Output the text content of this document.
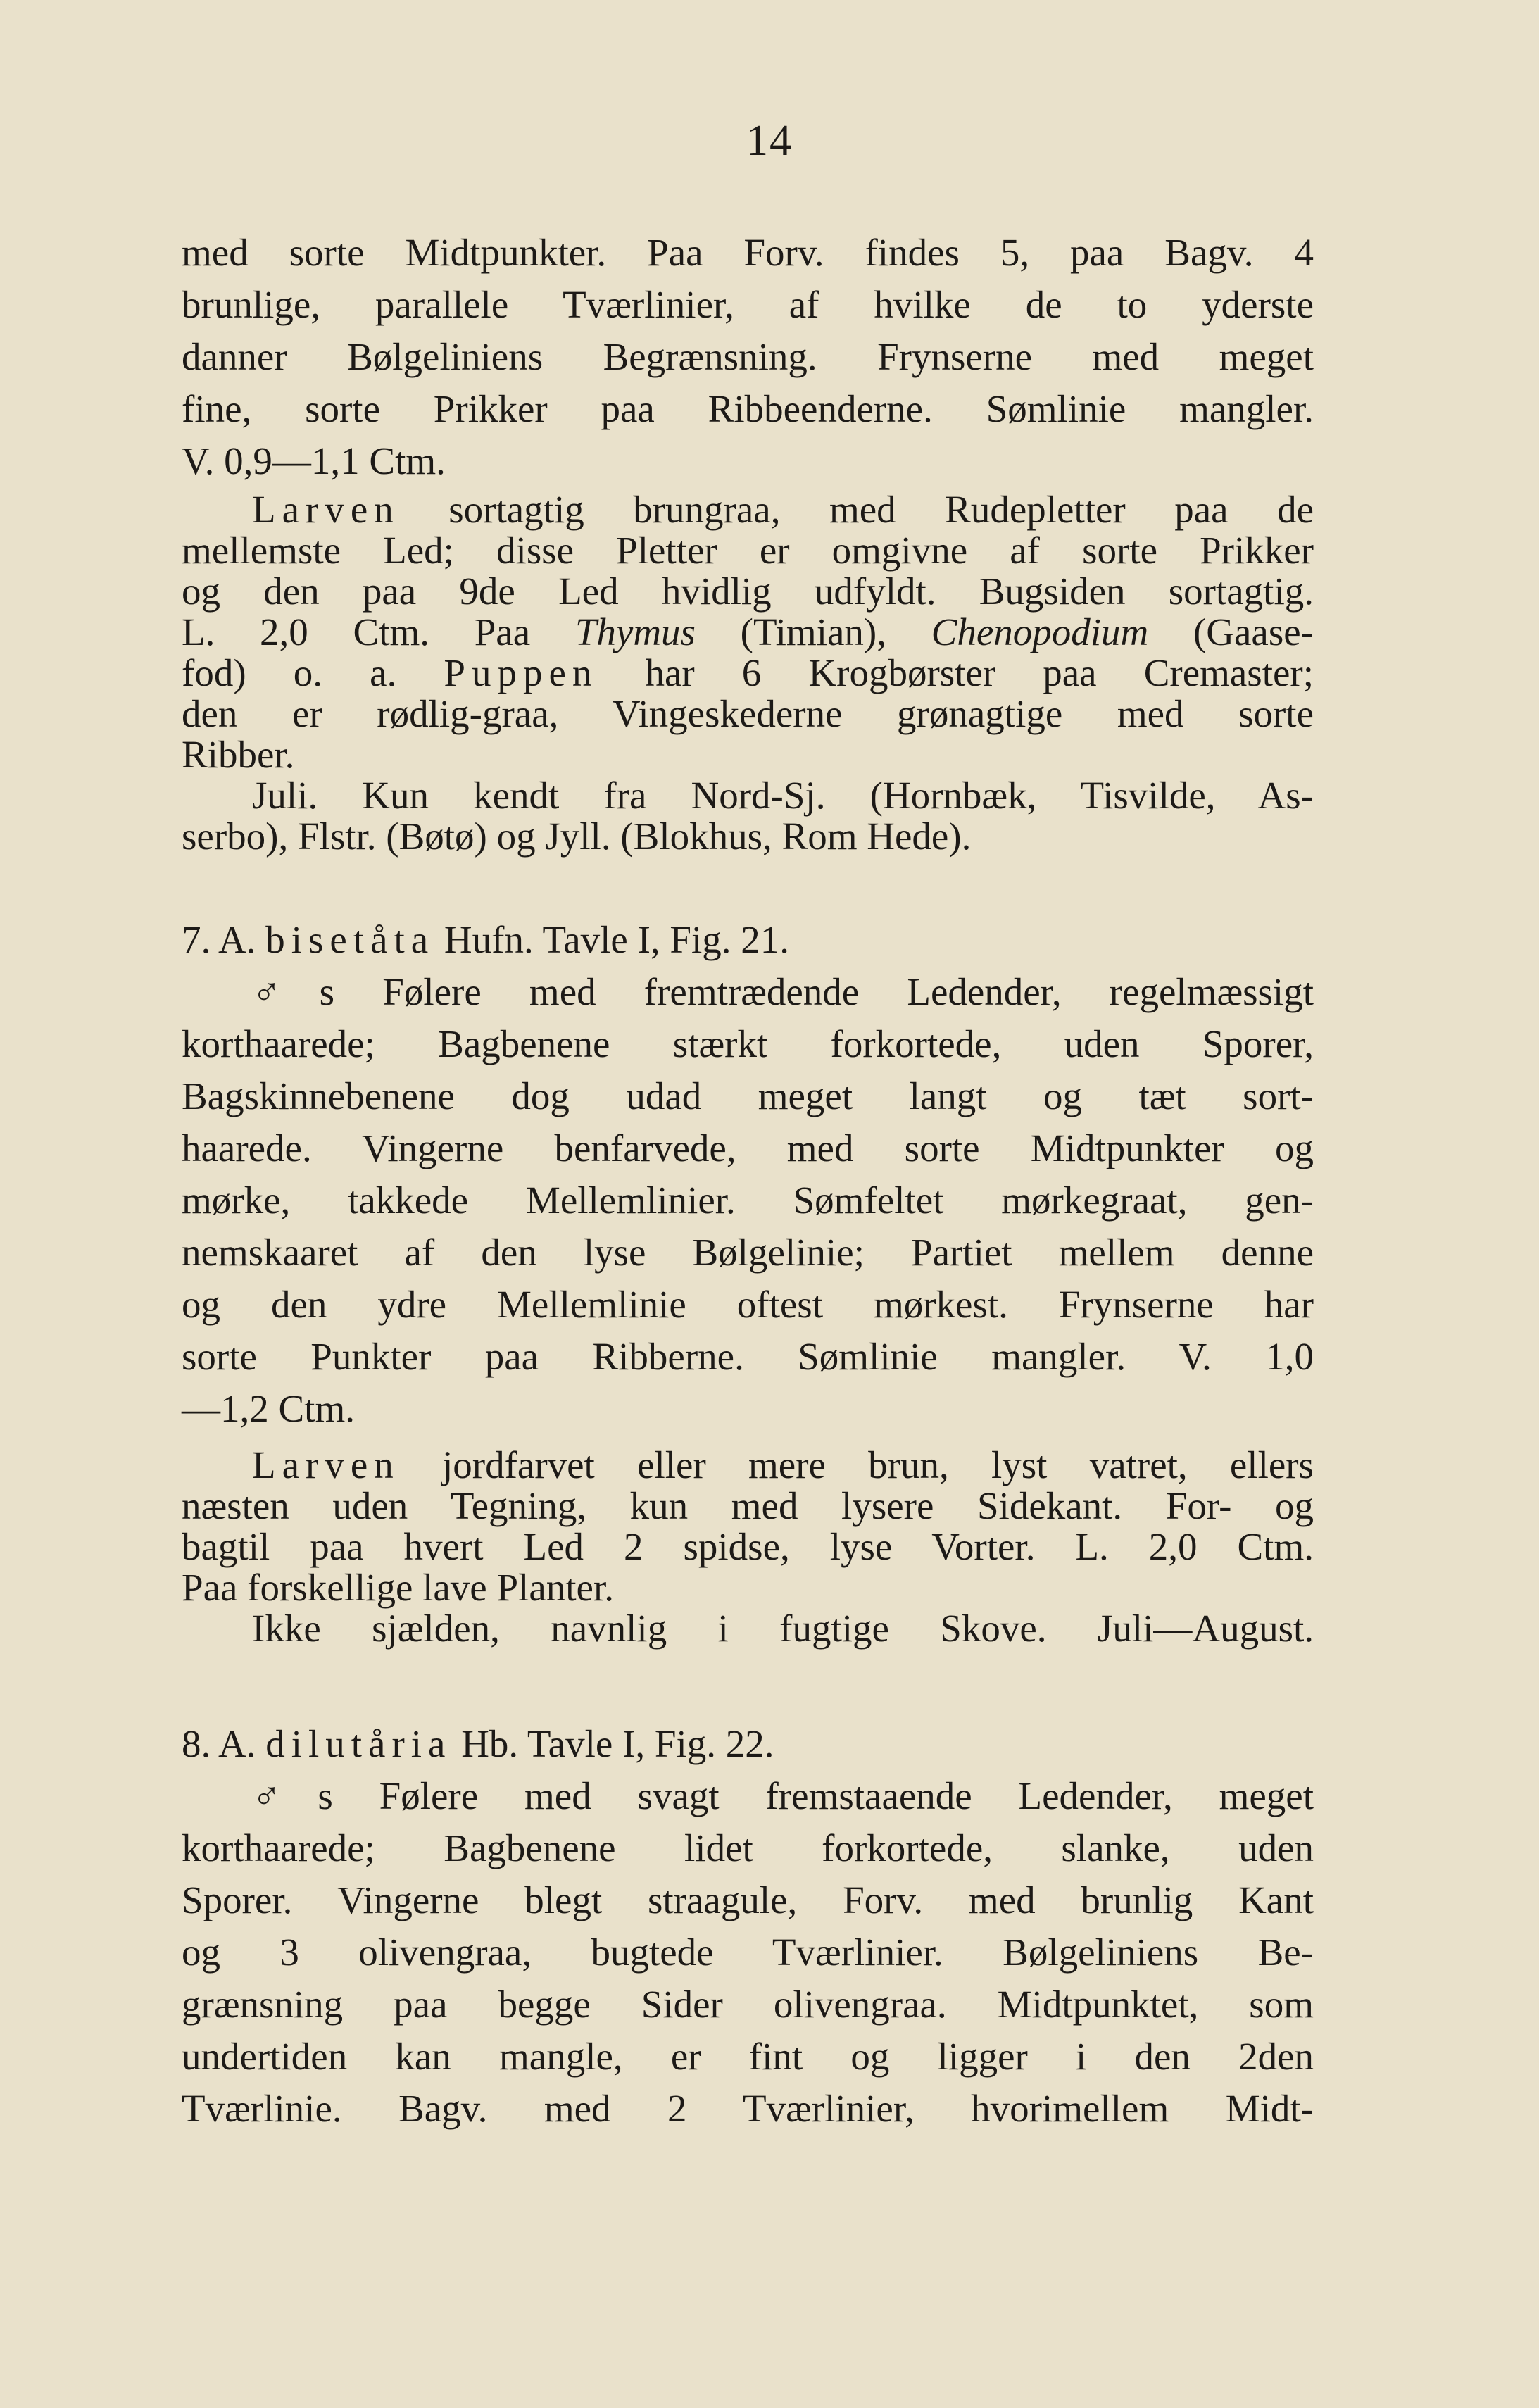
14
med sorte Midtpunkter. Paa Forv. findes 5, paa Bagv. 4
brunlige, parallele Tværlinier, af hvilke de to yderste
danner Bølgeliniens Begrænsning. Frynserne med meget
fine, sorte Prikker paa Ribbeenderne. Sømlinie mangler.
V. 0,9—1,1 Ctm.
Larven sortagtig brungraa, med Rudepletter paa de
mellemste Led; disse Pletter er omgivne af sorte Prikker
og den paa 9de Led hvidlig udfyldt. Bugsiden sortagtig.
L. 2,0 Ctm. Paa Thymus (Timian), Chenopodium (Gaase-
fod) o. a. Puppen har 6 Krogbørster paa Cremaster;
den er rødlig-graa, Vingeskederne grønagtige med sorte
Ribber.
Juli. Kun kendt fra Nord-Sj. (Hornbæk, Tisvilde, As-
serbo), Flstr. (Bøtø) og Jyll. (Blokhus, Rom Hede).
7. A. bisetåta Hufn. Tavle I, Fig. 21.
♂s Følere med fremtrædende Ledender, regelmæssigt
korthaarede; Bagbenene stærkt forkortede, uden Sporer,
Bagskinnebenene dog udad meget langt og tæt sort-
haarede. Vingerne benfarvede, med sorte Midtpunkter og
mørke, takkede Mellemlinier. Sømfeltet mørkegraat, gen-
nemskaaret af den lyse Bølgelinie; Partiet mellem denne
og den ydre Mellemlinie oftest mørkest. Frynserne har
sorte Punkter paa Ribberne. Sømlinie mangler. V. 1,0
—1,2 Ctm.
Larven jordfarvet eller mere brun, lyst vatret, ellers
næsten uden Tegning, kun med lysere Sidekant. For- og
bagtil paa hvert Led 2 spidse, lyse Vorter. L. 2,0 Ctm.
Paa forskellige lave Planter.
Ikke sjælden, navnlig i fugtige Skove. Juli—August.
8. A. dilutåria Hb. Tavle I, Fig. 22.
♂s Følere med svagt fremstaaende Ledender, meget
korthaarede; Bagbenene lidet forkortede, slanke, uden
Sporer. Vingerne blegt straagule, Forv. med brunlig Kant
og 3 olivengraa, bugtede Tværlinier. Bølgeliniens Be-
grænsning paa begge Sider olivengraa. Midtpunktet, som
undertiden kan mangle, er fint og ligger i den 2den
Tværlinie. Bagv. med 2 Tværlinier, hvorimellem Midt-
